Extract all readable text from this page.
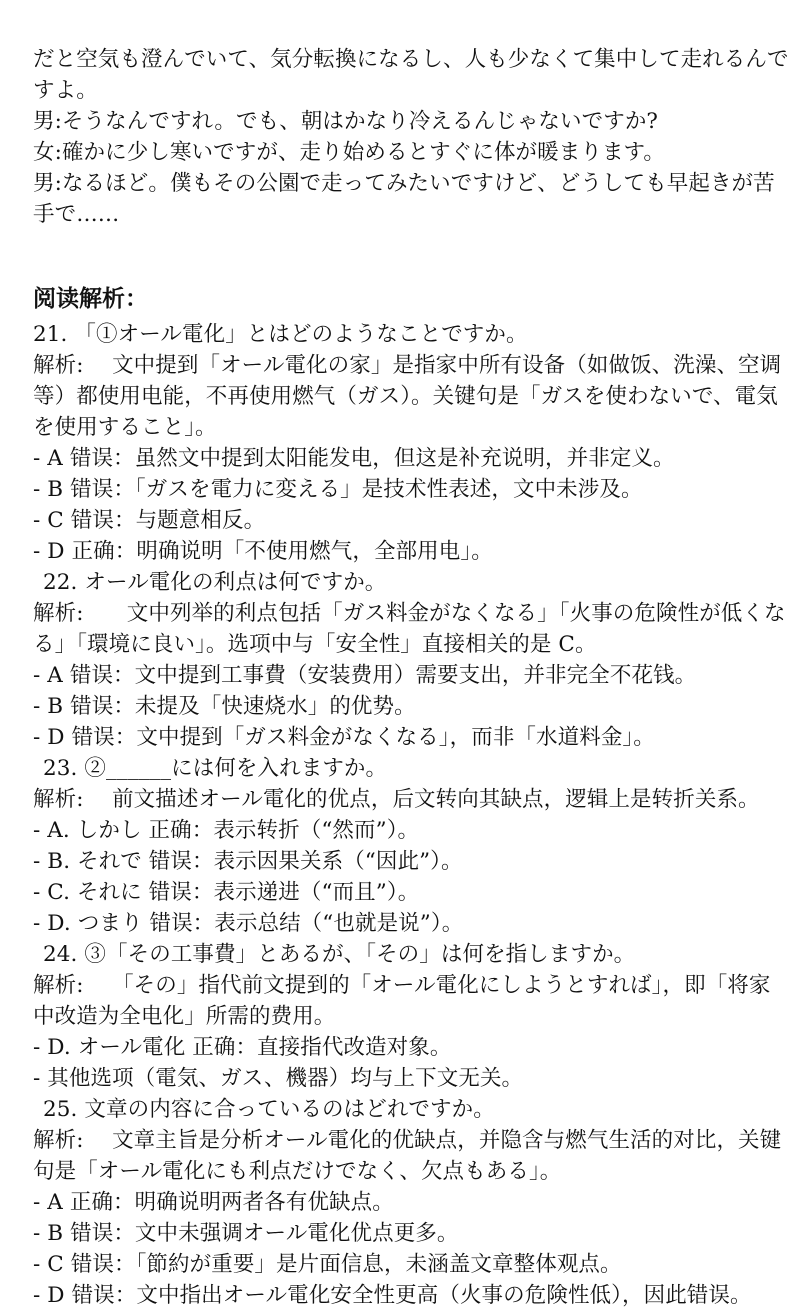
だと空気も澄んでいて、気分転換になるし、人も少なくて集中して走れるんで
すよ。
男:そうなんですれ。でも、朝はかなり冷えるんじゃないですか?
女:確かに少し寒いですが、走り始めるとすぐに体が暖まります。
男:なるほど。僕もその公園で走ってみたいですけど、どうしても早起きが苦
手で……
阅读解析：
21. 「①オール電化」とはどのようなことですか。
解析:　 文中提到「オール電化の家」是指家中所有设备（如做饭、洗澡、空调
等）都使用电能，不再使用燃气（ガス）。关键句是「ガスを使わないで、電気
を使用すること」。
- A 错误：虽然文中提到太阳能发电，但这是补充说明，并非定义。
- B 错误：「ガスを電力に変える」是技术性表述，文中未涉及。
- C 错误：与题意相反。
- D 正确：明确说明「不使用燃气，全部用电」。
22. オール電化の利点は何ですか。
解析:　　文中列举的利点包括「ガス料金がなくなる」「火事の危険性が低くな
る」「環境に良い」。选项中与「安全性」直接相关的是 C。
- A 错误：文中提到工事費（安装费用）需要支出，并非完全不花钱。
- B 错误：未提及「快速烧水」的优势。
- D 错误：文中提到「ガス料金がなくなる」，而非「水道料金」。
23. ②______には何を入れますか。
解析:　 前文描述オール電化的优点，后文转向其缺点，逻辑上是转折关系。
- A. しかし 正确：表示转折（“然而”）。
- B. それで 错误：表示因果关系（“因此”）。
- C. それに 错误：表示递进（“而且”）。
- D. つまり 错误：表示总结（“也就是说”）。
24. ③「その工事費」とあるが、「その」は何を指しますか。
解析:　 「その」指代前文提到的「オール電化にしようとすれば」，即「将家
中改造为全电化」所需的费用。
- D. オール電化 正确：直接指代改造对象。
- 其他选项（電気、ガス、機器）均与上下文无关。
25. 文章の内容に合っているのはどれですか。
解析:　 文章主旨是分析オール電化的优缺点，并隐含与燃气生活的对比，关键
句是「オール電化にも利点だけでなく、欠点もある」。
- A 正确：明确说明两者各有优缺点。
- B 错误：文中未强调オール電化优点更多。
- C 错误：「節約が重要」是片面信息，未涵盖文章整体观点。
- D 错误：文中指出オール電化安全性更高（火事の危険性低），因此错误。
